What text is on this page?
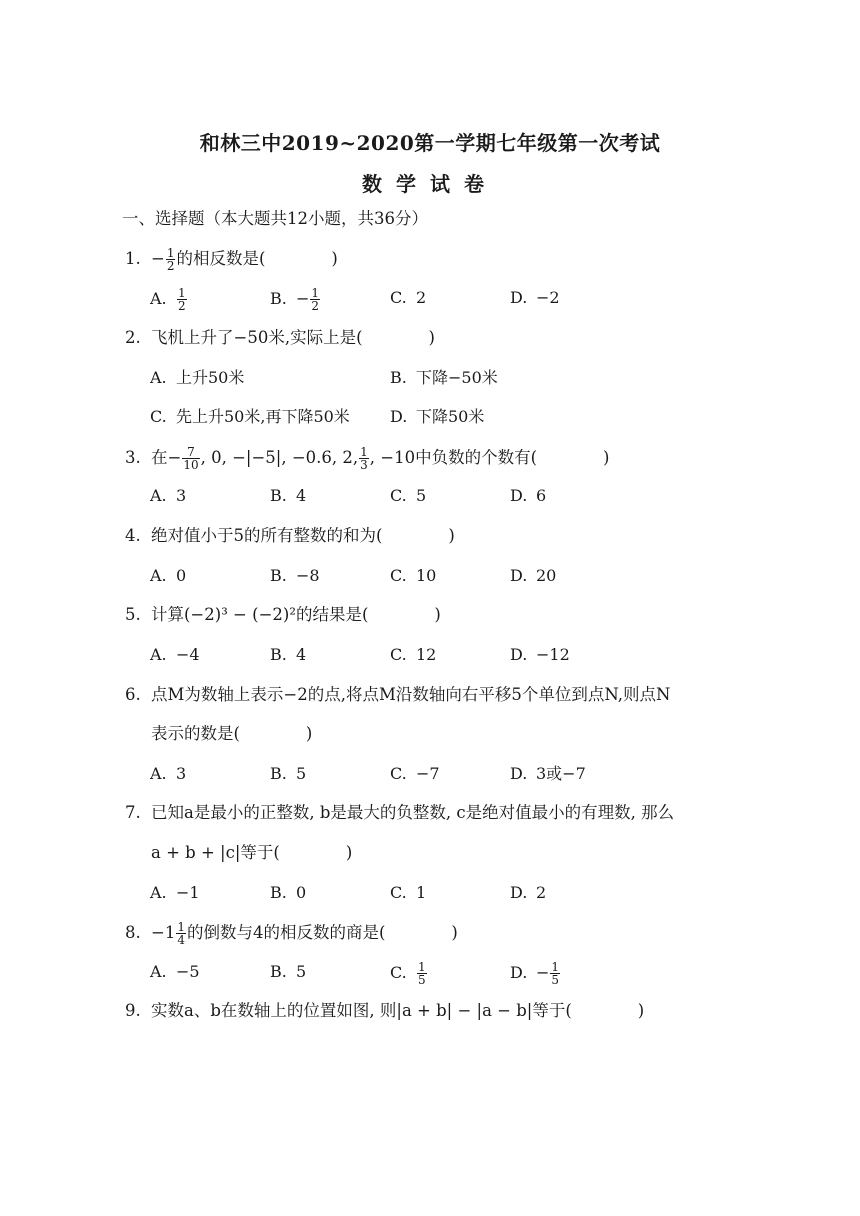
和林三中2019~2020第一学期七年级第一次考试
数学试卷
一、选择题（本大题共12小题，共36分）
1. − $\frac{1}{2}$ 的相反数是(　　　　)
A. $\frac{1}{2}$	B. − $\frac{1}{2}$	C. 2	D. −2
2. 飞机上升了−50米,实际上是(　　　　)
A. 上升50米	B. 下降−50米
C. 先上升50米,再下降50米	D. 下降50米
3. 在− $\frac{7}{10}$ , 0, −|−5|, −0.6, 2, $\frac{1}{3}$ , −10中负数的个数有(　　　　)
A. 3	B. 4	C. 5	D. 6
4. 绝对值小于5的所有整数的和为(　　　　)
A. 0	B. −8	C. 10	D. 20
5. 计算(−2)³ − (−2)²的结果是(　　　　)
A. −4	B. 4	C. 12	D. −12
6. 点M为数轴上表示−2的点,将点M沿数轴向右平移5个单位到点N,则点N
表示的数是(　　　　)
A. 3	B. 5	C. −7	D. 3或−7
7. 已知a是最小的正整数, b是最大的负整数, c是绝对值最小的有理数, 那么
a + b + |c|等于(　　　　)
A. −1	B. 0	C. 1	D. 2
8. $-1 \frac{1}{4}$ 的倒数与4的相反数的商是(　　　　)
A. −5	B. 5	C. $\frac{1}{5}$	D. − $\frac{1}{5}$
9. 实数a、b在数轴上的位置如图, 则|a + b| − |a − b|等于(　　　　)
